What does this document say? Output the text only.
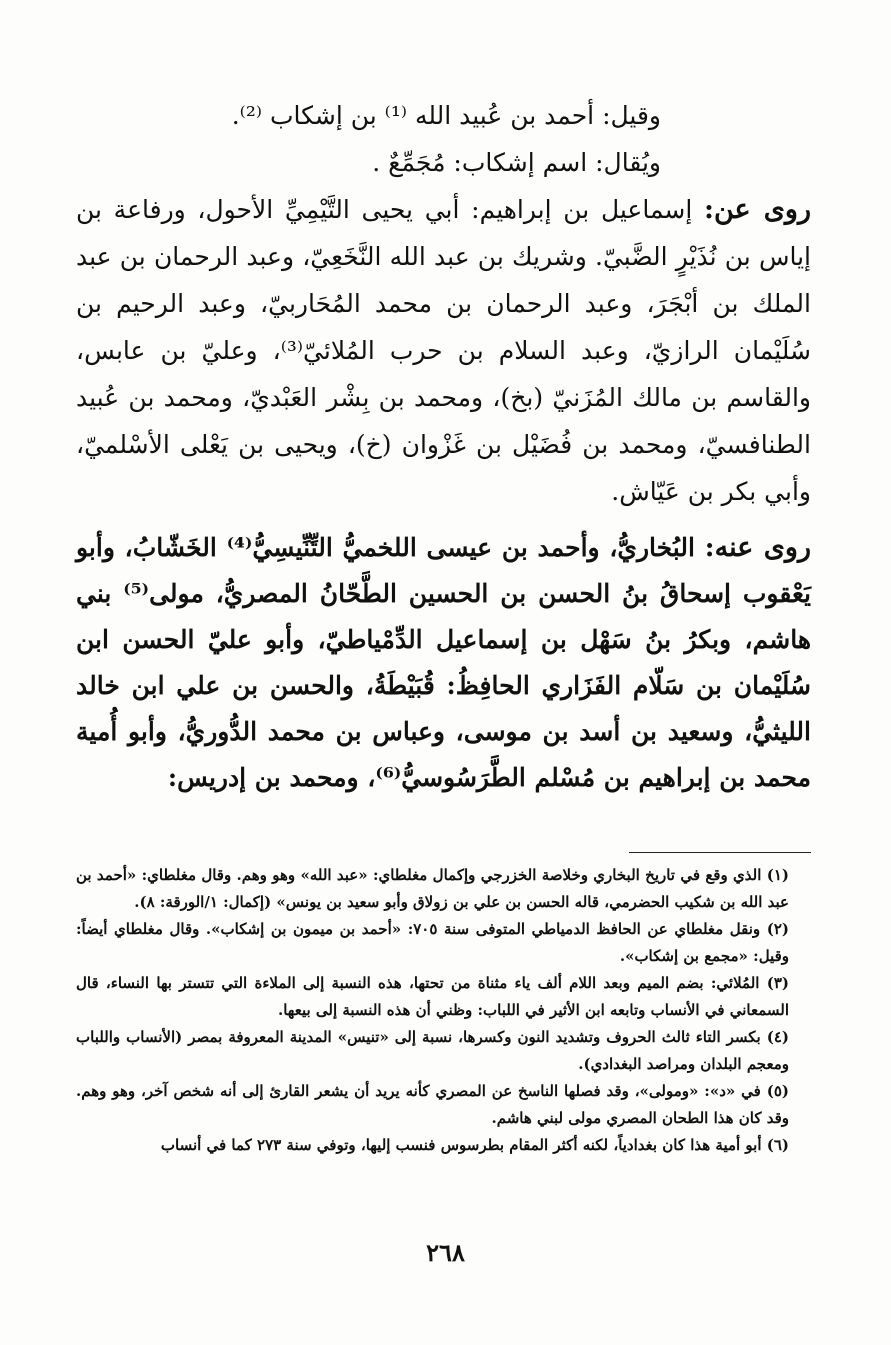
وقيل: أحمد بن عُبيد الله ⁽¹⁾ بن إشكاب ⁽²⁾.

ويُقال: اسم إشكاب: مُجَمِّعٌ .

روى عن: إسماعيل بن إبراهيم: أبي يحيى التَّيْمِيِّ الأحول، ورفاعة بن إياس بن نُذَيْرٍ الضَّبيّ. وشريك بن عبد الله النَّخَعِيّ، وعبد الرحمان بن عبد الملك بن أبْجَرَ، وعبد الرحمان بن محمد المُحَاربيّ، وعبد الرحيم بن سُلَيْمان الرازيّ، وعبد السلام بن حرب المُلائيّ⁽³⁾، وعليّ بن عابس، والقاسم بن مالك المُزَنيّ (بخ)، ومحمد بن بِشْر العَبْديّ، ومحمد بن عُبيد الطنافسيّ، ومحمد بن فُضَيْل بن غَزْوان (خ)، ويحيى بن يَعْلى الأسْلميّ، وأبي بكر بن عَيّاش.

روى عنه: البُخاريُّ، وأحمد بن عيسى اللخميُّ التِّنِّيسِيُّ⁽⁴⁾ الخَشّابُ، وأبو يَعْقوب إسحاقُ بنُ الحسن بن الحسين الطَّحّانُ المصريُّ، مولى⁽⁵⁾ بني هاشم، وبكرُ بنُ سَهْل بن إسماعيل الدِّمْياطيّ، وأبو عليّ الحسن ابن سُلَيْمان بن سَلّام الفَزَاري الحافِظُ: قُبَيْطَةُ، والحسن بن علي ابن خالد الليثيُّ، وسعيد بن أسد بن موسى، وعباس بن محمد الدُّوريُّ، وأبو أُمية محمد بن إبراهيم بن مُسْلم الطَّرَسُوسيُّ⁽⁶⁾، ومحمد بن إدريس:

(١) الذي وقع في تاريخ البخاري وخلاصة الخزرجي وإكمال مغلطاي: «عبد الله» وهو وهم. وقال مغلطاي: «أحمد بن عبد الله بن شكيب الحضرمي، قاله الحسن بن علي بن زولاق وأبو سعيد بن يونس» (إكمال: ١/الورقة: ٨).

(٢) ونقل مغلطاي عن الحافظ الدمياطي المتوفى سنة ٧٠٥: «أحمد بن ميمون بن إشكاب». وقال مغلطاي أيضاً: وقيل: «مجمع بن إشكاب».

(٣) المُلائي: بضم الميم وبعد اللام ألف ياء مثناة من تحتها، هذه النسبة إلى الملاءة التي تتستر بها النساء، قال السمعاني في الأنساب وتابعه ابن الأثير في اللباب: وظني أن هذه النسبة إلى بيعها.

(٤) بكسر التاء ثالث الحروف وتشديد النون وكسرها، نسبة إلى «تنيس» المدينة المعروفة بمصر (الأنساب واللباب ومعجم البلدان ومراصد البغدادي).

(٥) في «د»: «ومولى»، وقد فصلها الناسخ عن المصري كأنه يريد أن يشعر القارئ إلى أنه شخص آخر، وهو وهم. وقد كان هذا الطحان المصري مولى لبني هاشم.

(٦) أبو أمية هذا كان بغدادياً، لكنه أكثر المقام بطرسوس فنسب إليها، وتوفي سنة ٢٧٣ كما في أنساب

٢٦٨
